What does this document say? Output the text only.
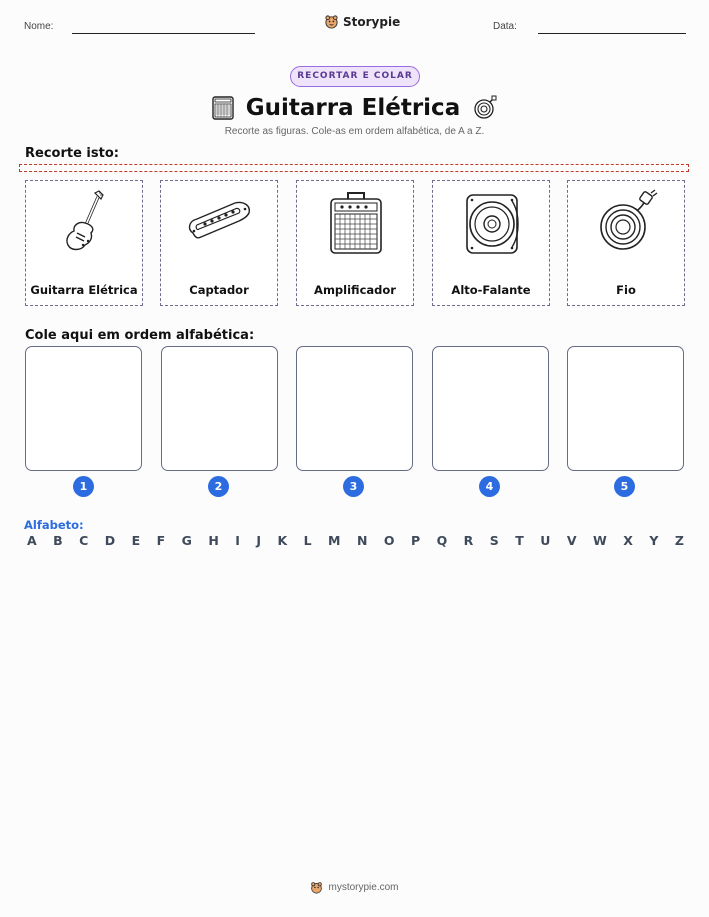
Nome:	Storypie	Data:
RECORTAR E COLAR
Guitarra Elétrica
Recorte as figuras. Cole-as em ordem alfabética, de A a Z.
Recorte isto:
Guitarra Elétrica	Captador	Amplificador	Alto-Falante	Fio
Cole aqui em ordem alfabética:
1	2	3	4	5
Alfabeto:
A B C D E F G H I J K L M N O P Q R S T U V W X Y Z
mystorypie.com
